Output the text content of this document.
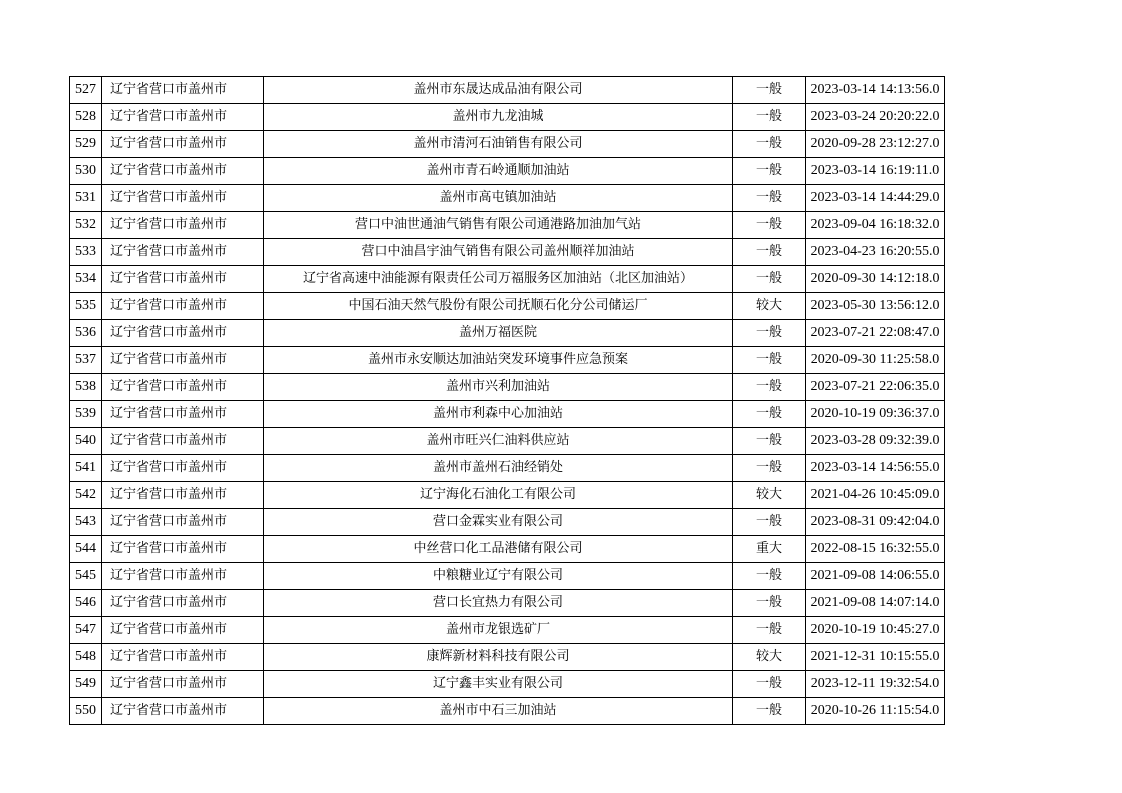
527	辽宁省营口市盖州市	盖州市东晟达成品油有限公司	一般	2023-03-14 14:13:56.0
528	辽宁省营口市盖州市	盖州市九龙油城	一般	2023-03-24 20:20:22.0
529	辽宁省营口市盖州市	盖州市清河石油销售有限公司	一般	2020-09-28 23:12:27.0
530	辽宁省营口市盖州市	盖州市青石岭通顺加油站	一般	2023-03-14 16:19:11.0
531	辽宁省营口市盖州市	盖州市高屯镇加油站	一般	2023-03-14 14:44:29.0
532	辽宁省营口市盖州市	营口中油世通油气销售有限公司通港路加油加气站	一般	2023-09-04 16:18:32.0
533	辽宁省营口市盖州市	营口中油昌宇油气销售有限公司盖州顺祥加油站	一般	2023-04-23 16:20:55.0
534	辽宁省营口市盖州市	辽宁省高速中油能源有限责任公司万福服务区加油站（北区加油站）	一般	2020-09-30 14:12:18.0
535	辽宁省营口市盖州市	中国石油天然气股份有限公司抚顺石化分公司储运厂	较大	2023-05-30 13:56:12.0
536	辽宁省营口市盖州市	盖州万福医院	一般	2023-07-21 22:08:47.0
537	辽宁省营口市盖州市	盖州市永安顺达加油站突发环境事件应急预案	一般	2020-09-30 11:25:58.0
538	辽宁省营口市盖州市	盖州市兴利加油站	一般	2023-07-21 22:06:35.0
539	辽宁省营口市盖州市	盖州市利森中心加油站	一般	2020-10-19 09:36:37.0
540	辽宁省营口市盖州市	盖州市旺兴仁油料供应站	一般	2023-03-28 09:32:39.0
541	辽宁省营口市盖州市	盖州市盖州石油经销处	一般	2023-03-14 14:56:55.0
542	辽宁省营口市盖州市	辽宁海化石油化工有限公司	较大	2021-04-26 10:45:09.0
543	辽宁省营口市盖州市	营口金霖实业有限公司	一般	2023-08-31 09:42:04.0
544	辽宁省营口市盖州市	中丝营口化工品港储有限公司	重大	2022-08-15 16:32:55.0
545	辽宁省营口市盖州市	中粮糖业辽宁有限公司	一般	2021-09-08 14:06:55.0
546	辽宁省营口市盖州市	营口长宜热力有限公司	一般	2021-09-08 14:07:14.0
547	辽宁省营口市盖州市	盖州市龙银选矿厂	一般	2020-10-19 10:45:27.0
548	辽宁省营口市盖州市	康辉新材料科技有限公司	较大	2021-12-31 10:15:55.0
549	辽宁省营口市盖州市	辽宁鑫丰实业有限公司	一般	2023-12-11 19:32:54.0
550	辽宁省营口市盖州市	盖州市中石三加油站	一般	2020-10-26 11:15:54.0
